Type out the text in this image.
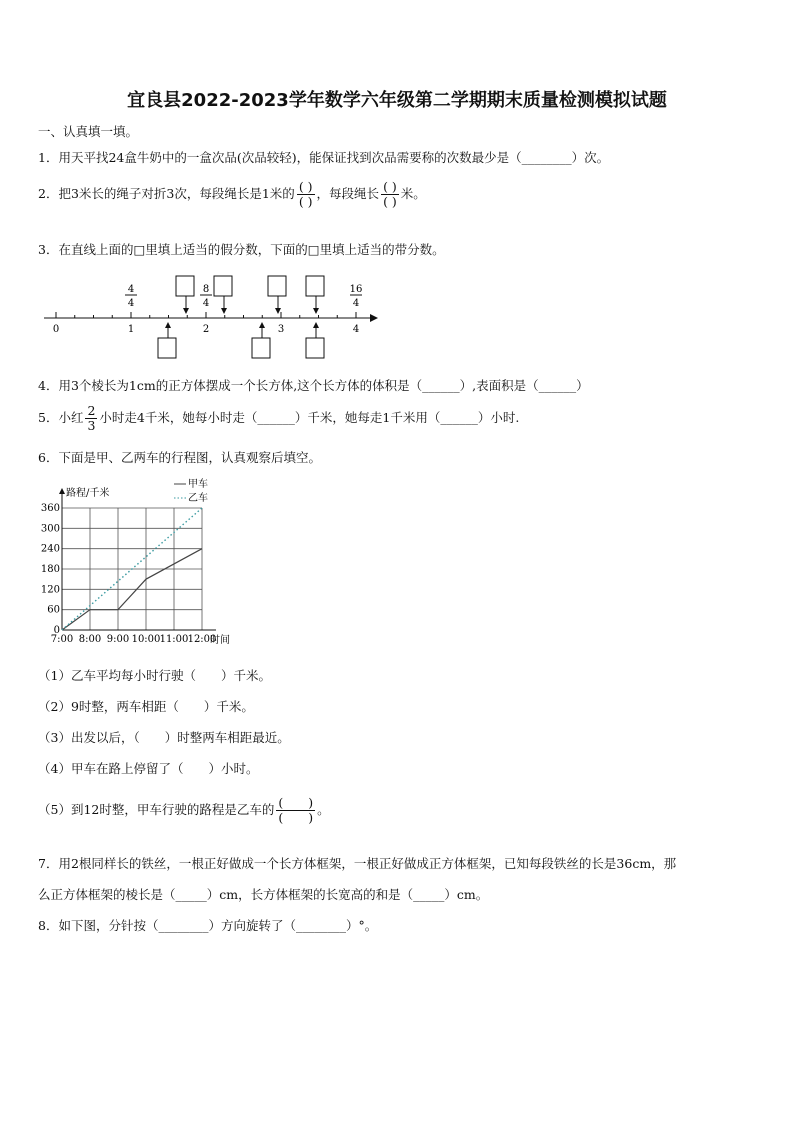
宜良县2022-2023学年数学六年级第二学期期末质量检测模拟试题
一、认真填一填。
1．用天平找24盒牛奶中的一盒次品(次品较轻)，能保证找到次品需要称的次数最少是（________）次。
2．把3米长的绳子对折3次，每段绳长是1米的 $\frac{( )}{( )}$ ，每段绳长 $\frac{( )}{( )}$ 米。
3．在直线上面的□里填上适当的假分数，下面的□里填上适当的带分数。
0	1	2	3	4
4
4
8
4
16
4
4．用3个棱长为1cm的正方体摆成一个长方体,这个长方体的体积是（______）,表面积是（______）
5．小红 $\frac{2}{3}$ 小时走4千米，她每小时走（______）千米，她每走1千米用（______）小时.
6．下面是甲、乙两车的行程图，认真观察后填空。
0
60
120
180
240
300
360
7:00 8:00 9:00 10:00 11:00 12:00
路程/千米
时间
甲车
乙车
（1）乙车平均每小时行驶（　　）千米。
（2）9时整，两车相距（　　）千米。
（3）出发以后，（　　）时整两车相距最近。
（4）甲车在路上停留了（　　）小时。
（5）到12时整，甲车行驶的路程是乙车的 $\frac{( )}{( )}$ 。
7．用2根同样长的铁丝，一根正好做成一个长方体框架，一根正好做成正方体框架，已知每段铁丝的长是36cm，那
么正方体框架的棱长是（_____）cm，长方体框架的长宽高的和是（_____）cm。
8．如下图，分针按（________）方向旋转了（________）°。
